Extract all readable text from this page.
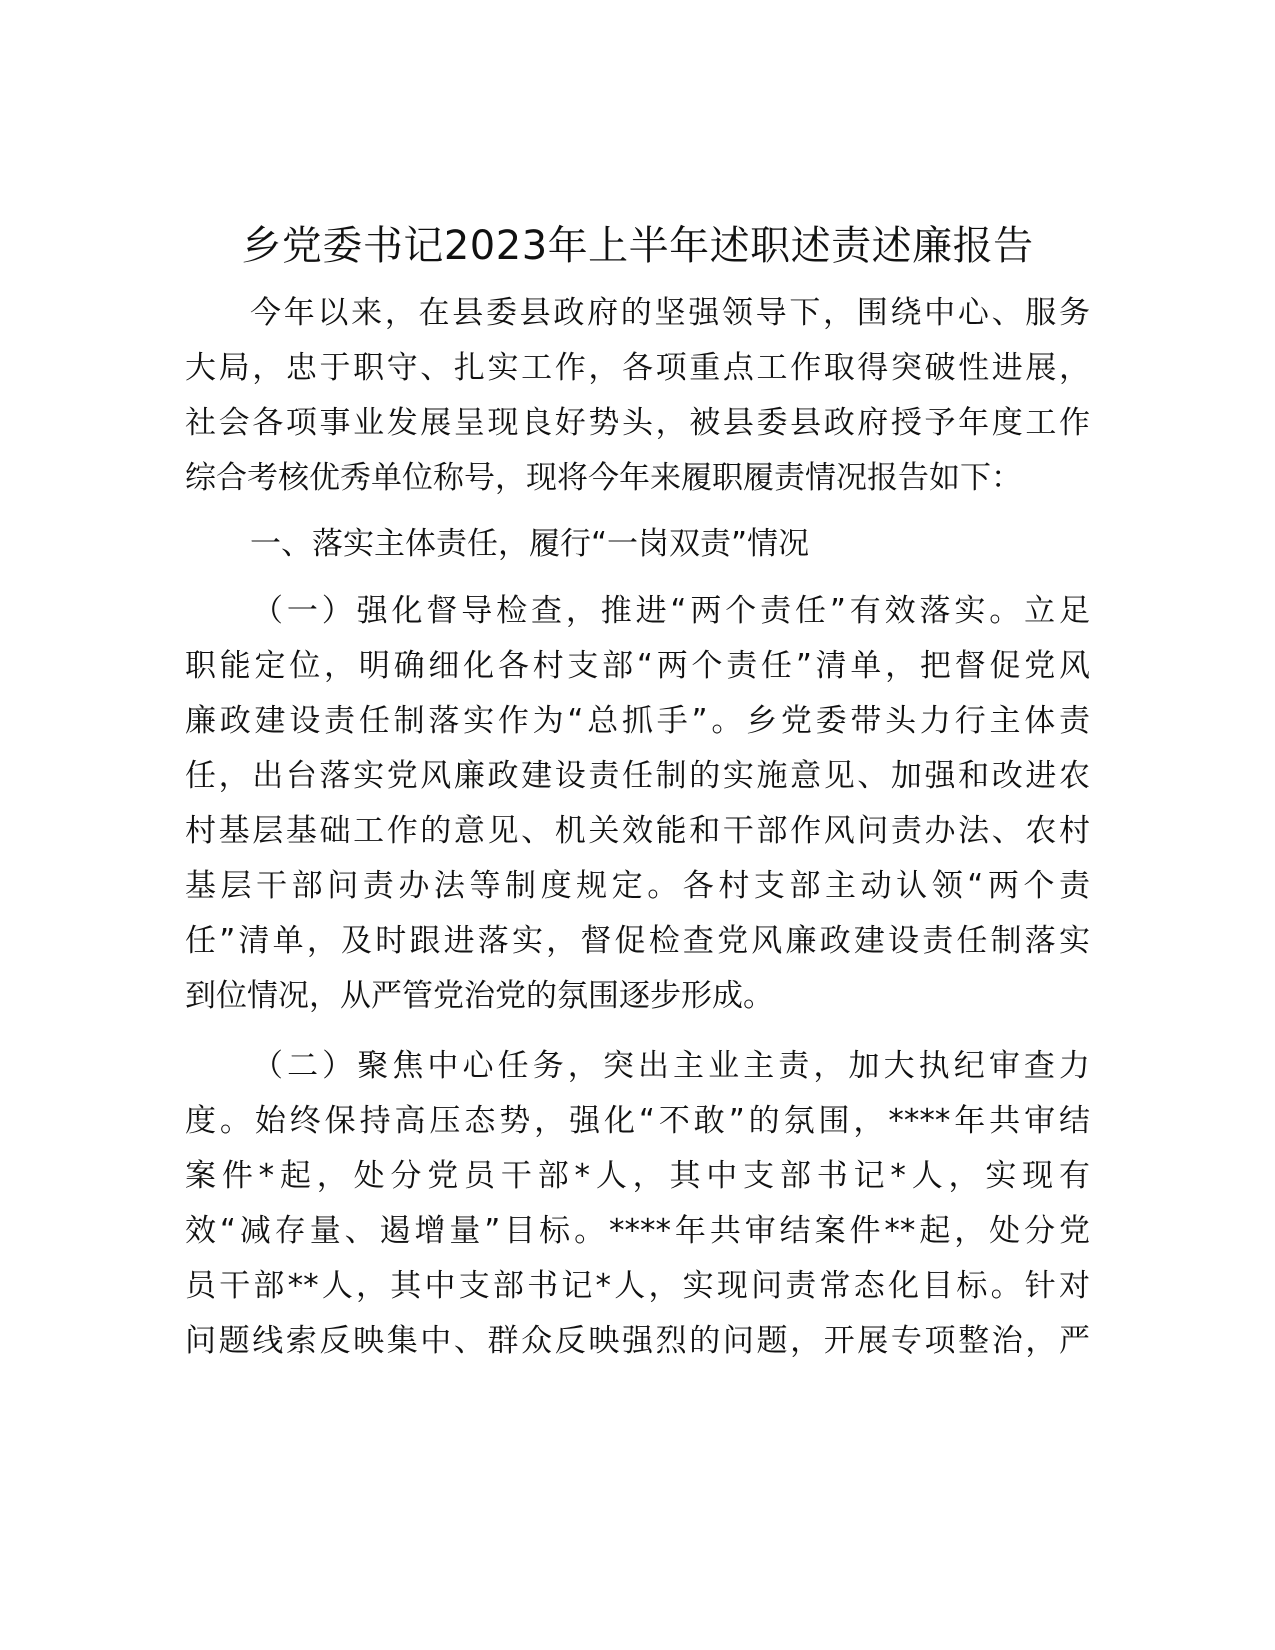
乡党委书记2023年上半年述职述责述廉报告
今年以来，在县委县政府的坚强领导下，围绕中心、服务
大局，忠于职守、扎实工作，各项重点工作取得突破性进展，
社会各项事业发展呈现良好势头，被县委县政府授予年度工作
综合考核优秀单位称号，现将今年来履职履责情况报告如下：
一、落实主体责任，履行“一岗双责”情况
（一）强化督导检查，推进“两个责任”有效落实。立足
职能定位，明确细化各村支部“两个责任”清单，把督促党风
廉政建设责任制落实作为“总抓手”。乡党委带头力行主体责
任，出台落实党风廉政建设责任制的实施意见、加强和改进农
村基层基础工作的意见、机关效能和干部作风问责办法、农村
基层干部问责办法等制度规定。各村支部主动认领“两个责
任”清单，及时跟进落实，督促检查党风廉政建设责任制落实
到位情况，从严管党治党的氛围逐步形成。
（二）聚焦中心任务，突出主业主责，加大执纪审查力
度。始终保持高压态势，强化“不敢”的氛围，****年共审结
案件*起，处分党员干部*人，其中支部书记*人，实现有
效“减存量、遏增量”目标。****年共审结案件**起，处分党
员干部**人，其中支部书记*人，实现问责常态化目标。针对
问题线索反映集中、群众反映强烈的问题，开展专项整治，严
